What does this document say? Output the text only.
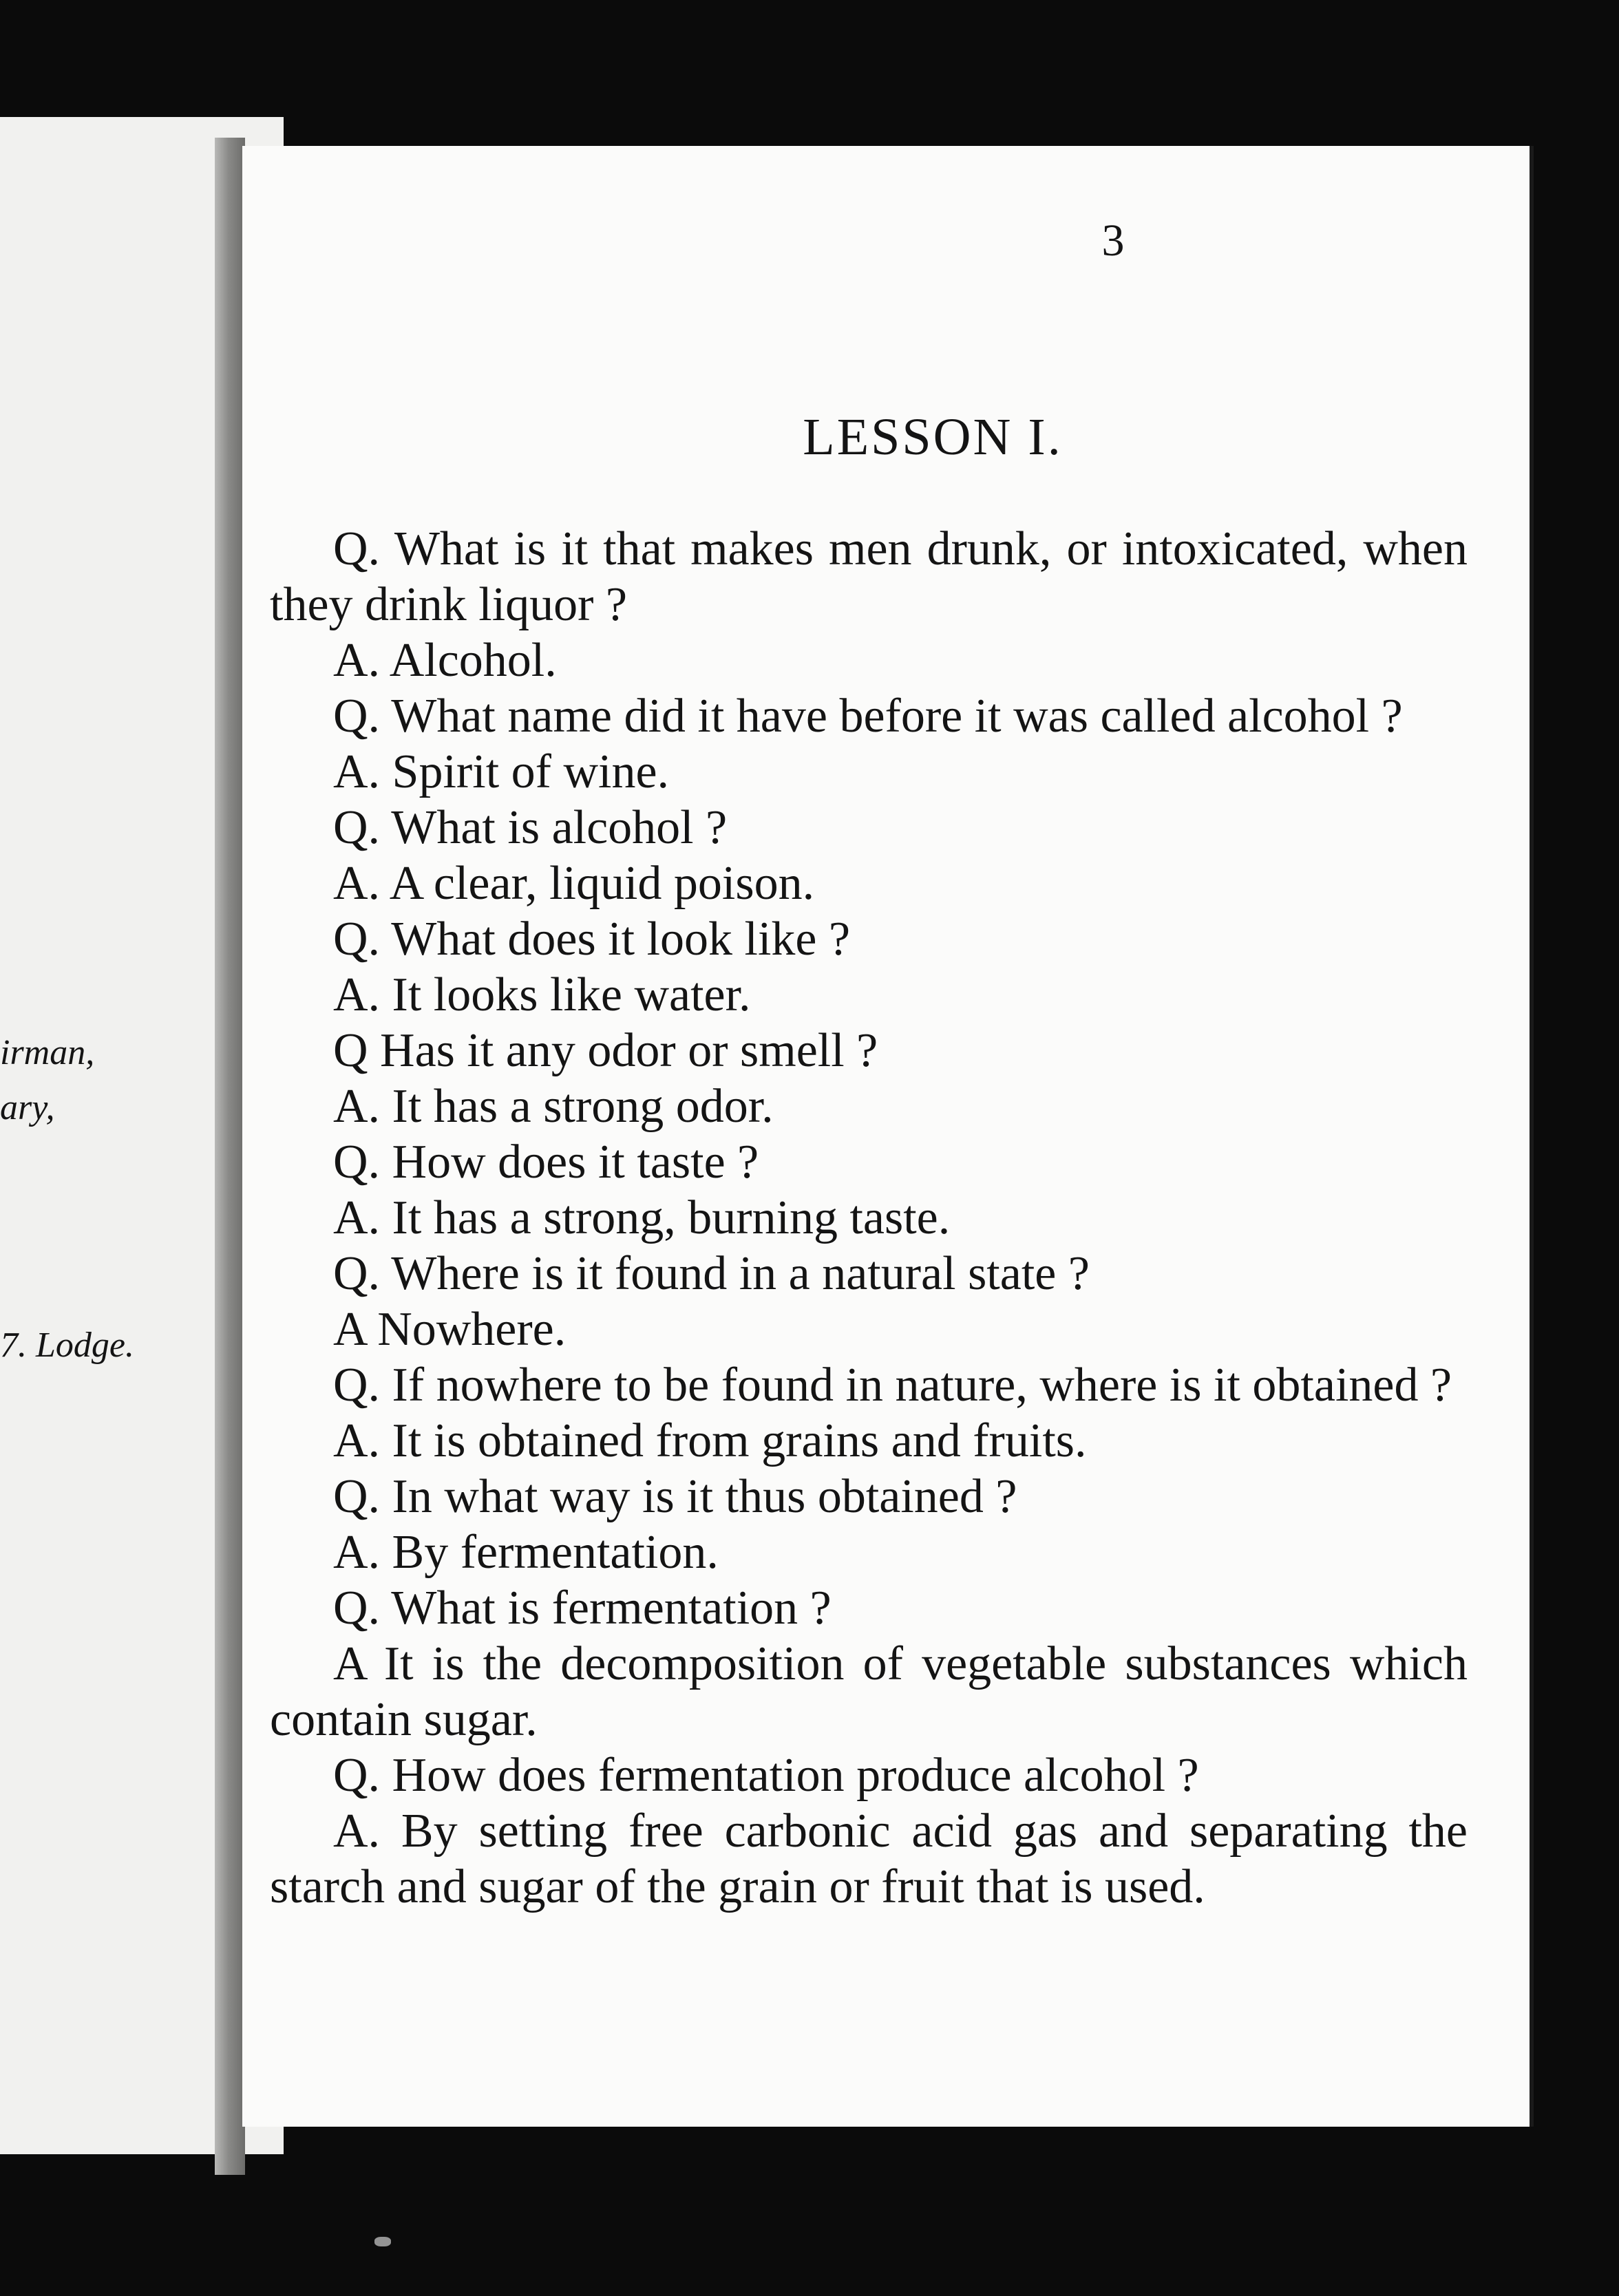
irman,
ary,
7. Lodge.
3
LESSON I.

Q. What is it that makes men drunk, or intoxicated, when they drink liquor ?

A. Alcohol.

Q. What name did it have before it was called alcohol ?

A. Spirit of wine.

Q. What is alcohol ?

A. A clear, liquid poison.

Q. What does it look like ?

A. It looks like water.

Q Has it any odor or smell ?

A. It has a strong odor.

Q. How does it taste ?

A. It has a strong, burning taste.

Q. Where is it found in a natural state ?

A Nowhere.

Q. If nowhere to be found in nature, where is it obtained ?

A. It is obtained from grains and fruits.

Q. In what way is it thus obtained ?

A. By fermentation.

Q. What is fermentation ?

A It is the decomposition of vegetable substances which contain sugar.

Q. How does fermentation produce alcohol ?

A. By setting free carbonic acid gas and separating the starch and sugar of the grain or fruit that is used.
